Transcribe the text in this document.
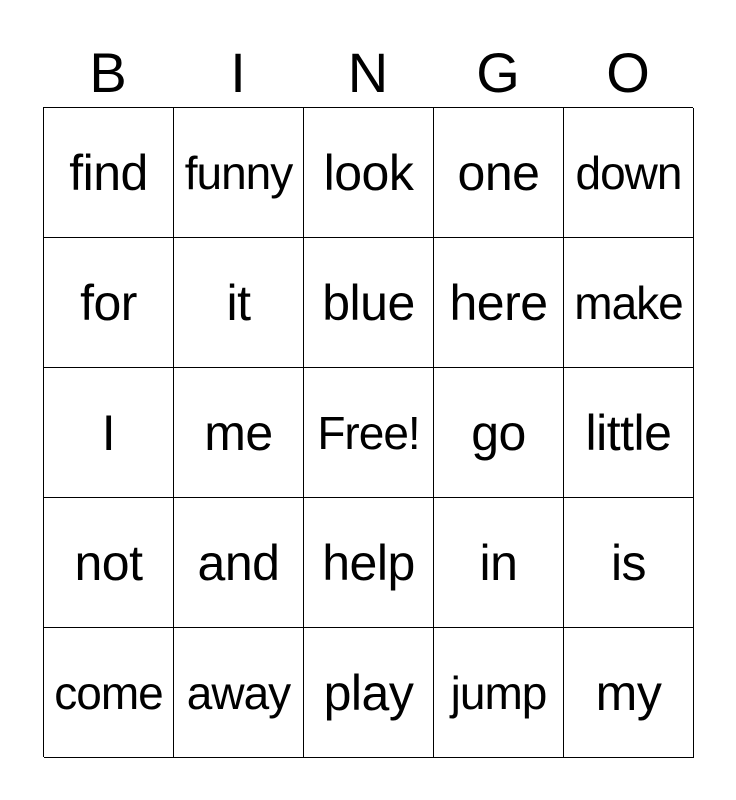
B	I	N	G	O
find funny look one down
for	it	blue here make
I	me Free!	go	little
not	and help	in	is
come away play jump my
